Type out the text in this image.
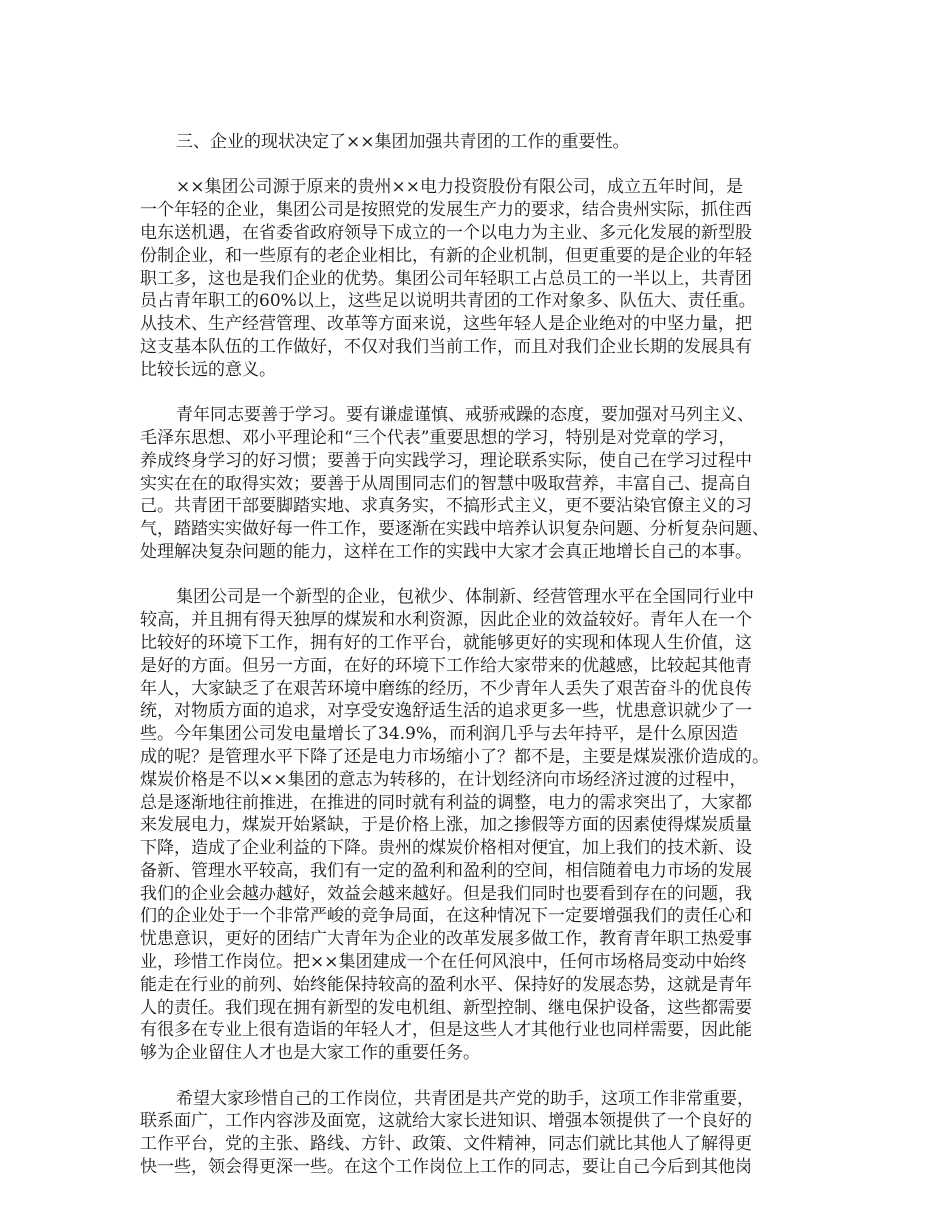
三、企业的现状决定了××集团加强共青团的工作的重要性。

××集团公司源于原来的贵州××电力投资股份有限公司，成立五年时间，是
一个年轻的企业，集团公司是按照党的发展生产力的要求，结合贵州实际，抓住西
电东送机遇，在省委省政府领导下成立的一个以电力为主业、多元化发展的新型股
份制企业，和一些原有的老企业相比，有新的企业机制，但更重要的是企业的年轻
职工多，这也是我们企业的优势。集团公司年轻职工占总员工的一半以上，共青团
员占青年职工的60%以上，这些足以说明共青团的工作对象多、队伍大、责任重。
从技术、生产经营管理、改革等方面来说，这些年轻人是企业绝对的中坚力量，把
这支基本队伍的工作做好，不仅对我们当前工作，而且对我们企业长期的发展具有
比较长远的意义。
青年同志要善于学习。要有谦虚谨慎、戒骄戒躁的态度，要加强对马列主义、
毛泽东思想、邓小平理论和“三个代表”重要思想的学习，特别是对党章的学习，
养成终身学习的好习惯；要善于向实践学习，理论联系实际，使自己在学习过程中
实实在在的取得实效；要善于从周围同志们的智慧中吸取营养，丰富自己、提高自
己。共青团干部要脚踏实地、求真务实，不搞形式主义，更不要沾染官僚主义的习
气，踏踏实实做好每一件工作，要逐渐在实践中培养认识复杂问题、分析复杂问题、
处理解决复杂问题的能力，这样在工作的实践中大家才会真正地增长自己的本事。
集团公司是一个新型的企业，包袱少、体制新、经营管理水平在全国同行业中
较高，并且拥有得天独厚的煤炭和水利资源，因此企业的效益较好。青年人在一个
比较好的环境下工作，拥有好的工作平台，就能够更好的实现和体现人生价值，这
是好的方面。但另一方面，在好的环境下工作给大家带来的优越感，比较起其他青
年人，大家缺乏了在艰苦环境中磨练的经历，不少青年人丢失了艰苦奋斗的优良传
统，对物质方面的追求，对享受安逸舒适生活的追求更多一些，忧患意识就少了一
些。今年集团公司发电量增长了34.9%，而利润几乎与去年持平，是什么原因造
成的呢？是管理水平下降了还是电力市场缩小了？都不是，主要是煤炭涨价造成的。
煤炭价格是不以××集团的意志为转移的，在计划经济向市场经济过渡的过程中，
总是逐渐地往前推进，在推进的同时就有利益的调整，电力的需求突出了，大家都
来发展电力，煤炭开始紧缺，于是价格上涨，加之掺假等方面的因素使得煤炭质量
下降，造成了企业利益的下降。贵州的煤炭价格相对便宜，加上我们的技术新、设
备新、管理水平较高，我们有一定的盈利和盈利的空间，相信随着电力市场的发展
我们的企业会越办越好，效益会越来越好。但是我们同时也要看到存在的问题，我
们的企业处于一个非常严峻的竞争局面，在这种情况下一定要增强我们的责任心和
忧患意识，更好的团结广大青年为企业的改革发展多做工作，教育青年职工热爱事
业，珍惜工作岗位。把××集团建成一个在任何风浪中，任何市场格局变动中始终
能走在行业的前列、始终能保持较高的盈利水平、保持好的发展态势，这就是青年
人的责任。我们现在拥有新型的发电机组、新型控制、继电保护设备，这些都需要
有很多在专业上很有造诣的年轻人才，但是这些人才其他行业也同样需要，因此能
够为企业留住人才也是大家工作的重要任务。
希望大家珍惜自己的工作岗位，共青团是共产党的助手，这项工作非常重要，
联系面广，工作内容涉及面宽，这就给大家长进知识、增强本领提供了一个良好的
工作平台，党的主张、路线、方针、政策、文件精神，同志们就比其他人了解得更
快一些，领会得更深一些。在这个工作岗位上工作的同志，要让自己今后到其他岗
